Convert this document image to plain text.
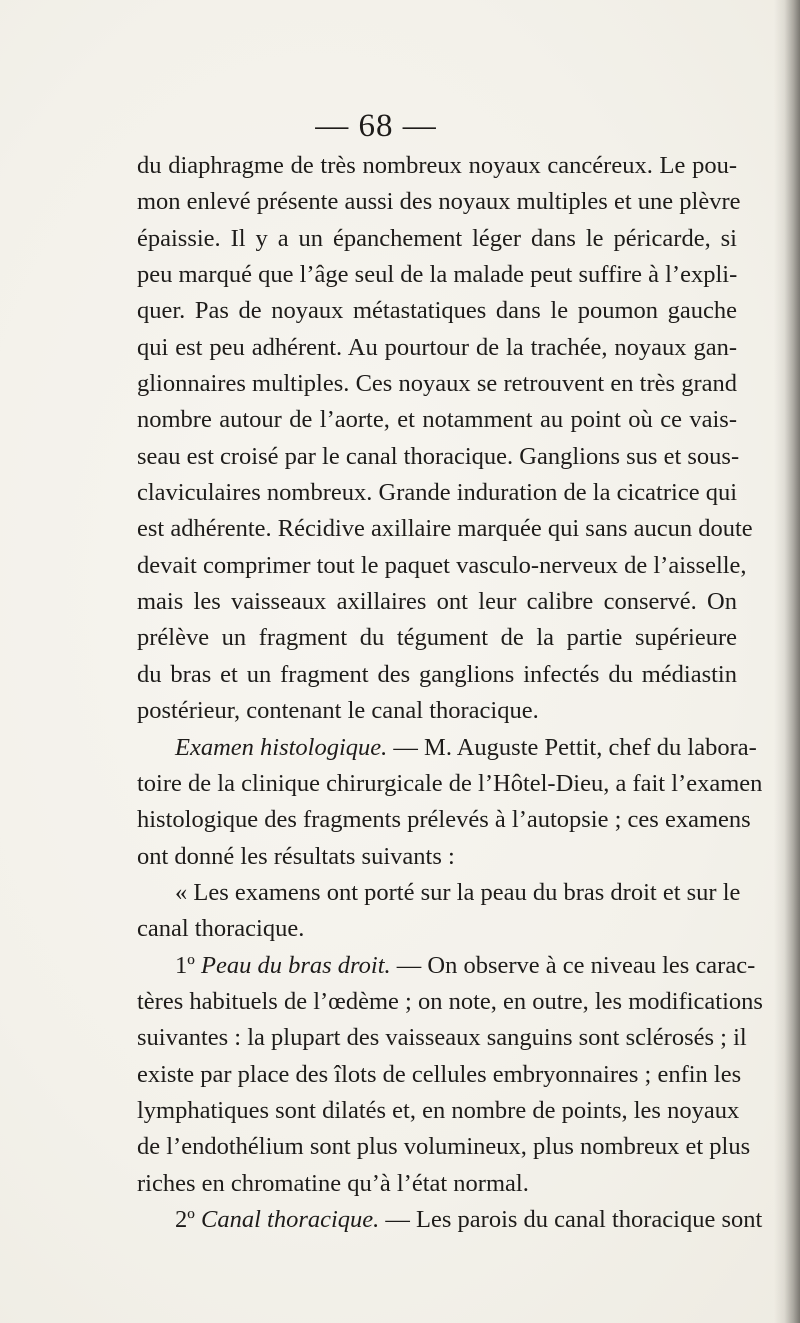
— 68 —
du diaphragme de très nombreux noyaux cancéreux. Le pou-
mon enlevé présente aussi des noyaux multiples et une plèvre
épaissie. Il y a un épanchement léger dans le péricarde, si
peu marqué que l’âge seul de la malade peut suffire à l’expli-
quer. Pas de noyaux métastatiques dans le poumon gauche
qui est peu adhérent. Au pourtour de la trachée, noyaux gan-
glionnaires multiples. Ces noyaux se retrouvent en très grand
nombre autour de l’aorte, et notamment au point où ce vais-
seau est croisé par le canal thoracique. Ganglions sus et sous-
claviculaires nombreux. Grande induration de la cicatrice qui
est adhérente. Récidive axillaire marquée qui sans aucun doute
devait comprimer tout le paquet vasculo-nerveux de l’aisselle,
mais les vaisseaux axillaires ont leur calibre conservé. On
prélève un fragment du tégument de la partie supérieure
du bras et un fragment des ganglions infectés du médiastin
postérieur, contenant le canal thoracique.
Examen histologique. — M. Auguste Pettit, chef du labora-
toire de la clinique chirurgicale de l’Hôtel-Dieu, a fait l’examen
histologique des fragments prélevés à l’autopsie ; ces examens
ont donné les résultats suivants :
« Les examens ont porté sur la peau du bras droit et sur le
canal thoracique.
1º Peau du bras droit. — On observe à ce niveau les carac-
tères habituels de l’œdème ; on note, en outre, les modifications
suivantes : la plupart des vaisseaux sanguins sont sclérosés ; il
existe par place des îlots de cellules embryonnaires ; enfin les
lymphatiques sont dilatés et, en nombre de points, les noyaux
de l’endothélium sont plus volumineux, plus nombreux et plus
riches en chromatine qu’à l’état normal.
2º Canal thoracique. — Les parois du canal thoracique sont
